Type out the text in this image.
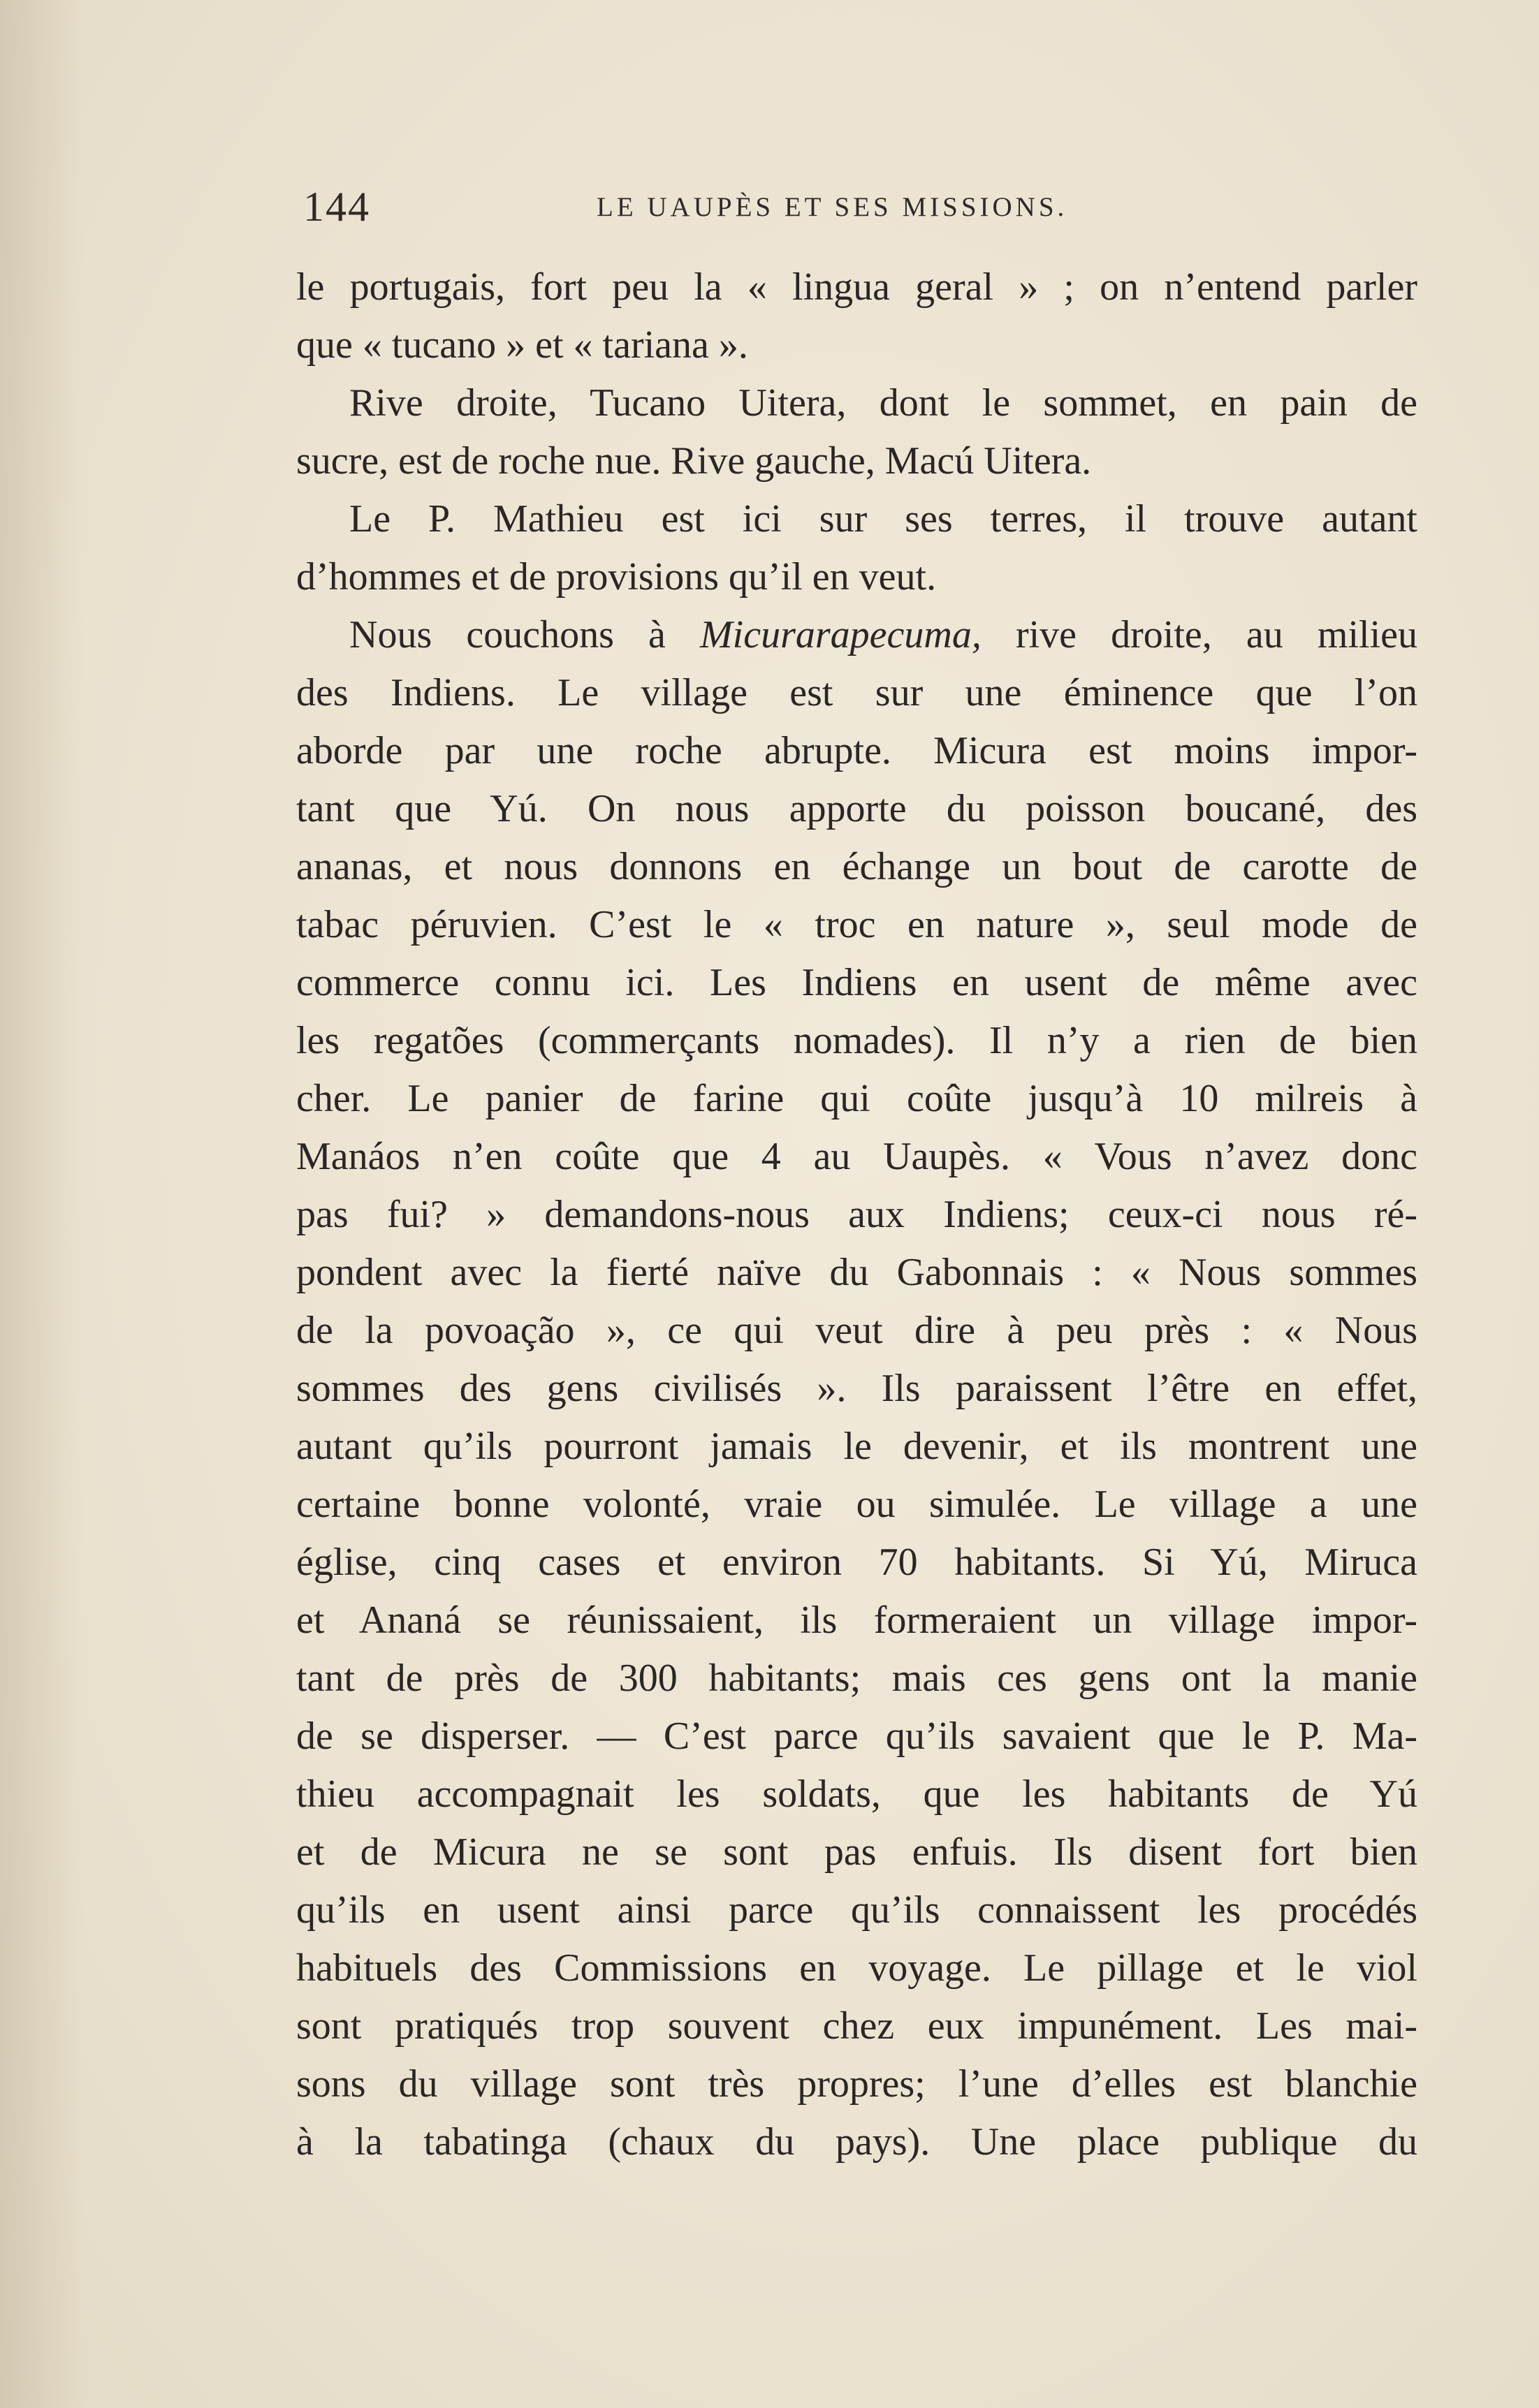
144	LE UAUPÈS ET SES MISSIONS.
le portugais, fort peu la « lingua geral » ; on n’entend parler
que « tucano » et « tariana ».
Rive droite, Tucano Uitera, dont le sommet, en pain de
sucre, est de roche nue. Rive gauche, Macú Uitera.
Le P. Mathieu est ici sur ses terres, il trouve autant
d’hommes et de provisions qu’il en veut.
Nous couchons à Micurarapecuma, rive droite, au milieu
des Indiens. Le village est sur une éminence que l’on
aborde par une roche abrupte. Micura est moins impor-
tant que Yú. On nous apporte du poisson boucané, des
ananas, et nous donnons en échange un bout de carotte de
tabac péruvien. C’est le « troc en nature », seul mode de
commerce connu ici. Les Indiens en usent de même avec
les regatões (commerçants nomades). Il n’y a rien de bien
cher. Le panier de farine qui coûte jusqu’à 10 milreis à
Manáos n’en coûte que 4 au Uaupès. « Vous n’avez donc
pas fui? » demandons-nous aux Indiens; ceux-ci nous ré-
pondent avec la fierté naïve du Gabonnais : « Nous sommes
de la povoação », ce qui veut dire à peu près : « Nous
sommes des gens civilisés ». Ils paraissent l’être en effet,
autant qu’ils pourront jamais le devenir, et ils montrent une
certaine bonne volonté, vraie ou simulée. Le village a une
église, cinq cases et environ 70 habitants. Si Yú, Miruca
et Ananá se réunissaient, ils formeraient un village impor-
tant de près de 300 habitants; mais ces gens ont la manie
de se disperser. — C’est parce qu’ils savaient que le P. Ma-
thieu accompagnait les soldats, que les habitants de Yú
et de Micura ne se sont pas enfuis. Ils disent fort bien
qu’ils en usent ainsi parce qu’ils connaissent les procédés
habituels des Commissions en voyage. Le pillage et le viol
sont pratiqués trop souvent chez eux impunément. Les mai-
sons du village sont très propres; l’une d’elles est blanchie
à la tabatinga (chaux du pays). Une place publique du
